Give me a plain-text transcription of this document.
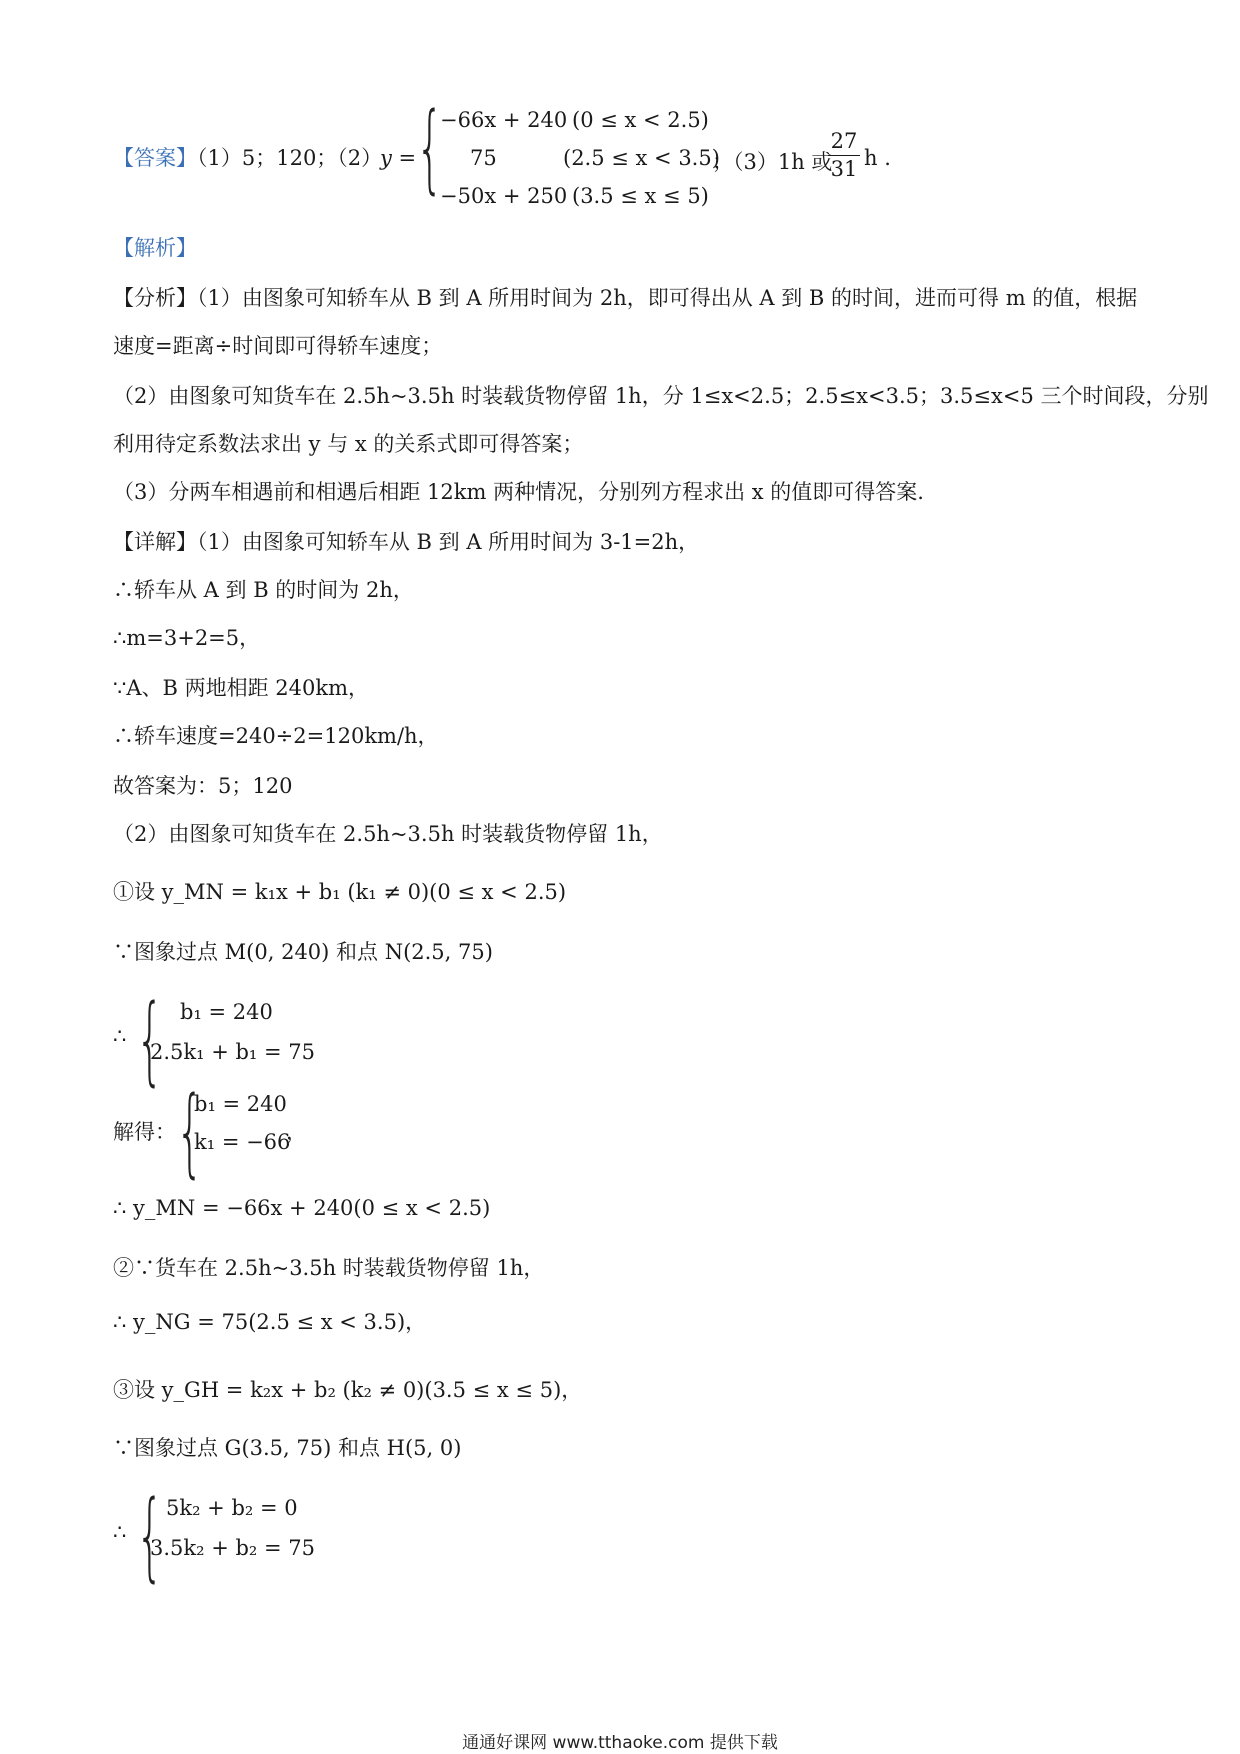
【答案】（1）5；120；（2）
y = {
−66x + 240 (0 ≤ x < 2.5)
75	(2.5 ≤ x < 3.5)
−50x + 250 (3.5 ≤ x ≤ 5)
；（3）1h 或
27
31 h .
【解析】
【分析】（1）由图象可知轿车从 B 到 A 所用时间为 2h，即可得出从 A 到 B 的时间，进而可得 m 的值，根据
速度=距离÷时间即可得轿车速度；
（2）由图象可知货车在 2.5h~3.5h 时装载货物停留 1h，分 1≤x<2.5；2.5≤x<3.5；3.5≤x<5 三个时间段，分别
利用待定系数法求出 y 与 x 的关系式即可得答案；
（3）分两车相遇前和相遇后相距 12km 两种情况，分别列方程求出 x 的值即可得答案.
【详解】（1）由图象可知轿车从 B 到 A 所用时间为 3-1=2h，
∴轿车从 A 到 B 的时间为 2h，
∴m=3+2=5，
∵A、B 两地相距 240km，
∴轿车速度=240÷2=120km/h，
故答案为：5；120
（2）由图象可知货车在 2.5h~3.5h 时装载货物停留 1h，
①设 y_MN = k₁x + b₁ (k₁ ≠ 0)(0 ≤ x < 2.5)
∵图象过点 M(0, 240) 和点 N(2.5, 75)
∴ { b₁ = 240
2.5k₁ + b₁ = 75
解得： {
b₁ = 240
k₁ = −66
，
∴ y_MN = −66x + 240(0 ≤ x < 2.5)
②∵货车在 2.5h~3.5h 时装载货物停留 1h，
∴ y_NG = 75(2.5 ≤ x < 3.5)，
③设 y_GH = k₂x + b₂ (k₂ ≠ 0)(3.5 ≤ x ≤ 5)，
∵图象过点 G(3.5, 75) 和点 H(5, 0)
∴ { 5k₂ + b₂ = 0
3.5k₂ + b₂ = 75
通通好课网 www.tthaoke.com 提供下载
